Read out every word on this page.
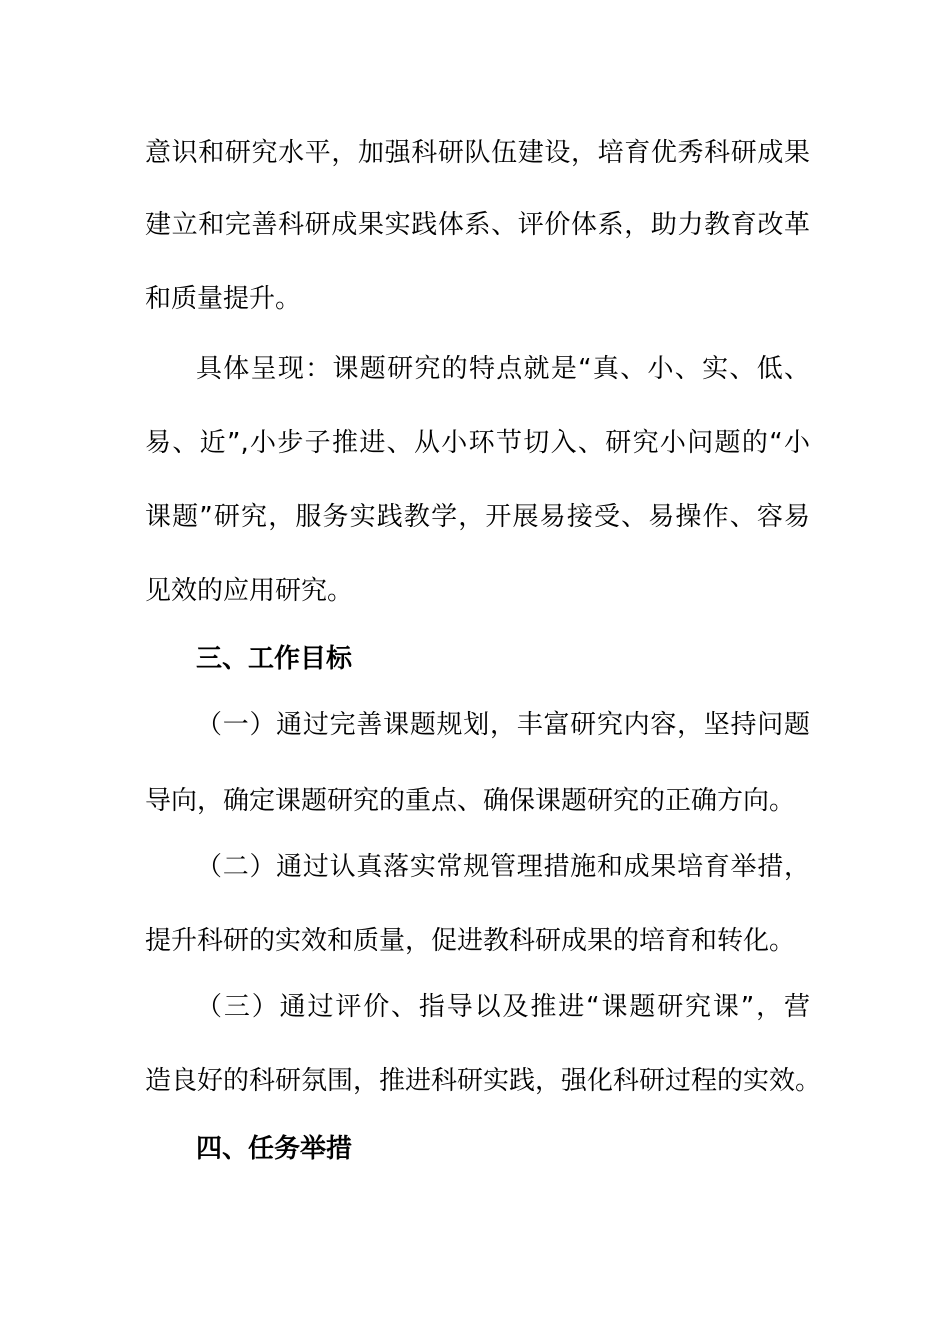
意识和研究水平，加强科研队伍建设，培育优秀科研成果
建立和完善科研成果实践体系、评价体系，助力教育改革
和质量提升。
具体呈现：课题研究的特点就是“真、小、实、低、
易、近”,小步子推进、从小环节切入、研究小问题的“小
课题”研究，服务实践教学，开展易接受、易操作、容易
见效的应用研究。
三、工作目标
（一）通过完善课题规划，丰富研究内容，坚持问题
导向，确定课题研究的重点、确保课题研究的正确方向。
（二）通过认真落实常规管理措施和成果培育举措，
提升科研的实效和质量，促进教科研成果的培育和转化。
（三）通过评价、指导以及推进“课题研究课”，营
造良好的科研氛围，推进科研实践，强化科研过程的实效。
四、任务举措
